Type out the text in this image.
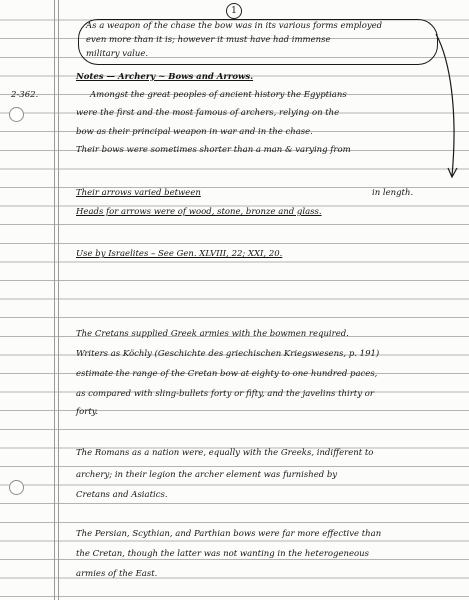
1

As a weapon of the chase the bow was in its various forms employed

even more than it is; however it must have had immense

military value.

2-362.

Notes — Archery ~ Bows and Arrows.

Amongst the great peoples of ancient history the Egyptians

were the first and the most famous of archers, relying on the

bow as their principal weapon in war and in the chase.

Their bows were sometimes shorter than a man & varying from

Their arrows varied between	in length.

Heads for arrows were of wood, stone, bronze and glass.

Use by Israelites – See Gen. XLVIII, 22; XXI, 20.

The Cretans supplied Greek armies with the bowmen required.

Writers as Köchly (Geschichte des griechischen Kriegswesens, p. 191)

estimate the range of the Cretan bow at eighty to one hundred paces,

as compared with sling-bullets forty or fifty, and the javelins thirty or

forty.

The Romans as a nation were, equally with the Greeks, indifferent to

archery; in their legion the archer element was furnished by

Cretans and Asiatics.

The Persian, Scythian, and Parthian bows were far more effective than

the Cretan, though the latter was not wanting in the heterogeneous

armies of the East.
